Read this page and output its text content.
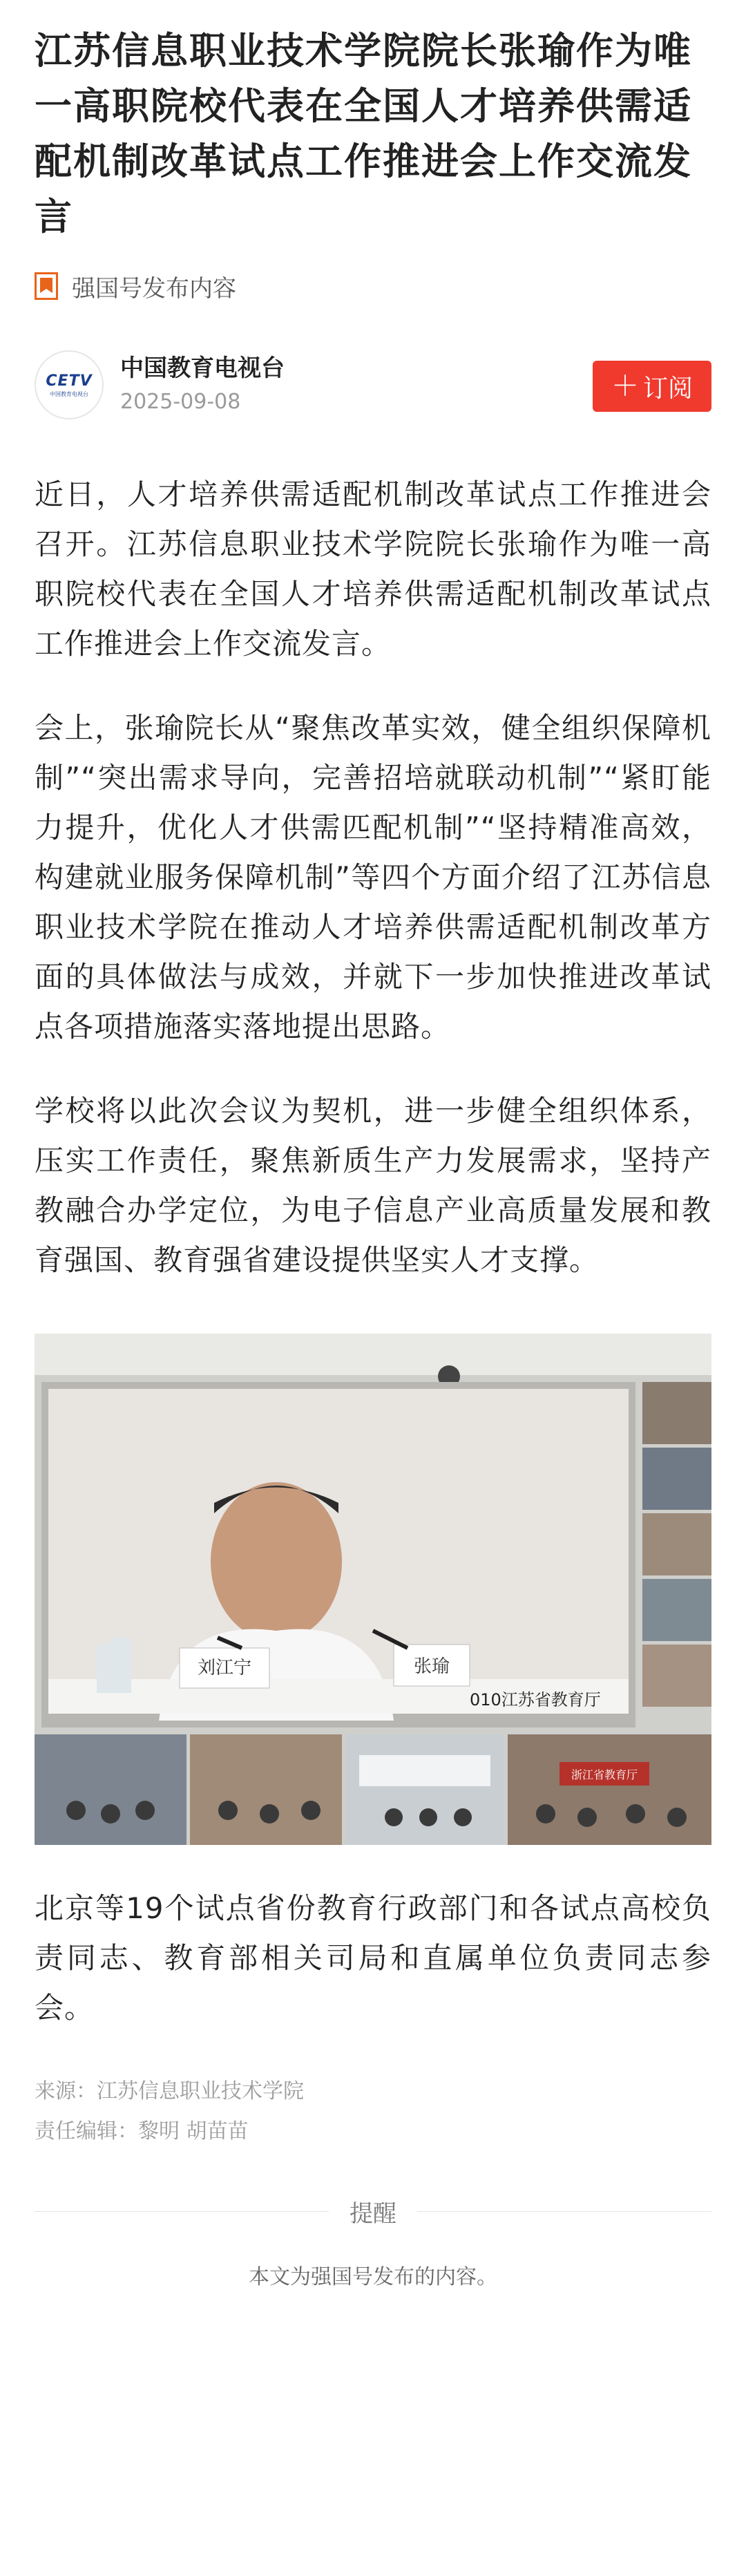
江苏信息职业技术学院院长张瑜作为唯一高职院校代表在全国人才培养供需适配机制改革试点工作推进会上作交流发言
强国号发布内容
CETV
中国教育电视台
中国教育电视台
2025-09-08	＋ 订阅

近日，人才培养供需适配机制改革试点工作推进会召开。江苏信息职业技术学院院长张瑜作为唯一高职院校代表在全国人才培养供需适配机制改革试点工作推进会上作交流发言。

会上，张瑜院长从“聚焦改革实效，健全组织保障机制”“突出需求导向，完善招培就联动机制”“紧盯能力提升，优化人才供需匹配机制”“坚持精准高效，构建就业服务保障机制”等四个方面介绍了江苏信息职业技术学院在推动人才培养供需适配机制改革方面的具体做法与成效，并就下一步加快推进改革试点各项措施落实落地提出思路。

学校将以此次会议为契机，进一步健全组织体系，压实工作责任，聚焦新质生产力发展需求，坚持产教融合办学定位，为电子信息产业高质量发展和教育强国、教育强省建设提供坚实人才支撑。

刘江宁	张瑜
010江苏省教育厅
浙江省教育厅

北京等19个试点省份教育行政部门和各试点高校负责同志、教育部相关司局和直属单位负责同志参会。

来源：江苏信息职业技术学院
责任编辑：黎明 胡苗苗
提醒
本文为强国号发布的内容。
